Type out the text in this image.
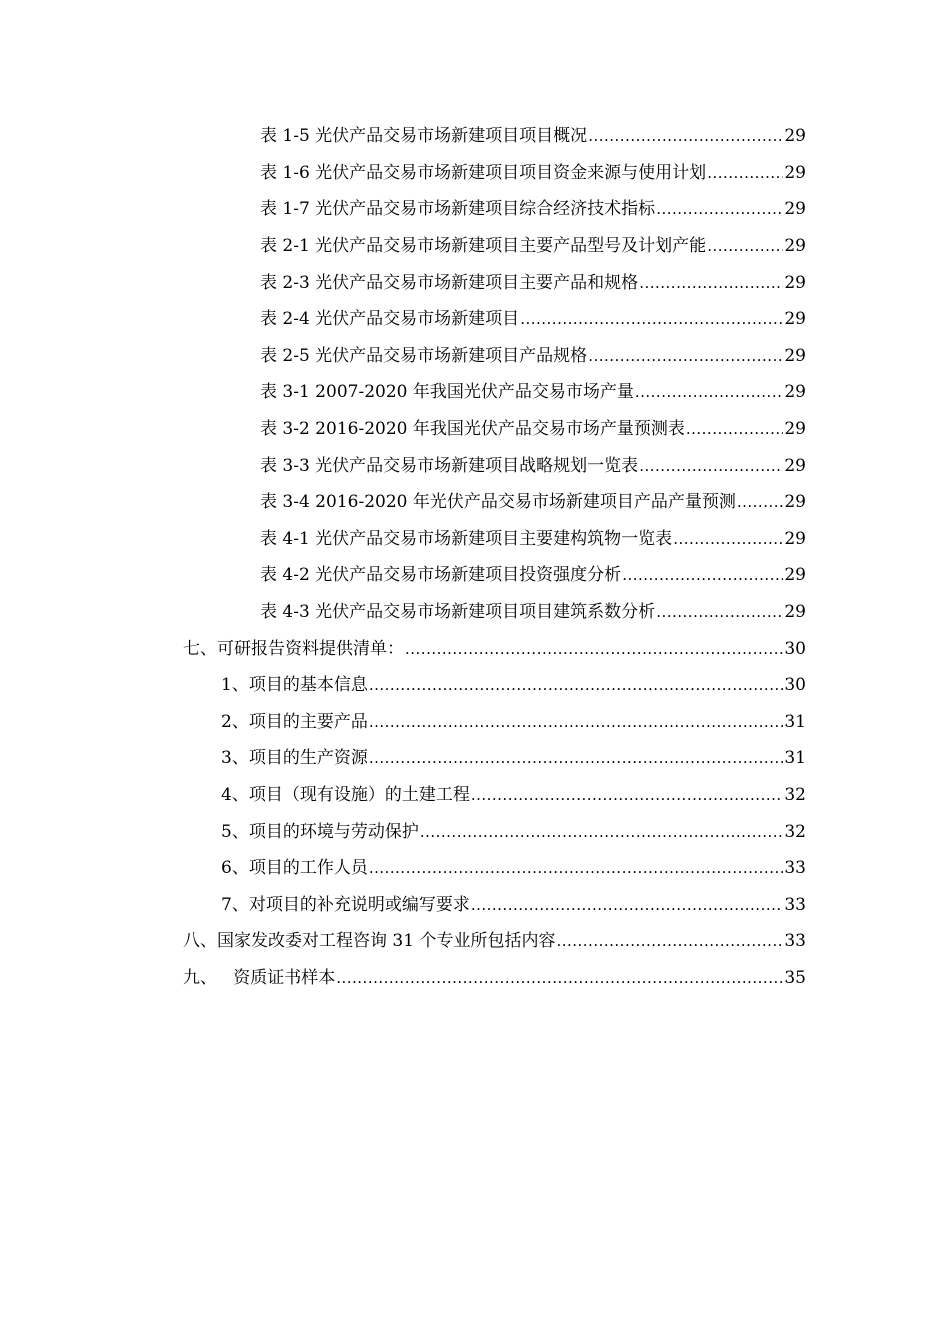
表 1-5 光伏产品交易市场新建项目项目概况 .....	29
表 1-6 光伏产品交易市场新建项目项目资金来源与使用计划 .....	29
表 1-7 光伏产品交易市场新建项目综合经济技术指标 .....	29
表 2-1 光伏产品交易市场新建项目主要产品型号及计划产能 .....	29
表 2-3 光伏产品交易市场新建项目主要产品和规格 .....	29
表 2-4 光伏产品交易市场新建项目 .....	29
表 2-5 光伏产品交易市场新建项目产品规格 .....	29
表 3-1 2007-2020 年我国光伏产品交易市场产量 .....	29
表 3-2 2016-2020 年我国光伏产品交易市场产量预测表 .....	29
表 3-3 光伏产品交易市场新建项目战略规划一览表 .....	29
表 3-4 2016-2020 年光伏产品交易市场新建项目产品产量预测 .....	29
表 4-1 光伏产品交易市场新建项目主要建构筑物一览表 .....	29
表 4-2 光伏产品交易市场新建项目投资强度分析 .....	29
表 4-3 光伏产品交易市场新建项目项目建筑系数分析 .....	29
七、可研报告资料提供清单： .....	30
1、项目的基本信息 .....	30
2、项目的主要产品 .....	31
3、项目的生产资源 .....	31
4、项目（现有设施）的土建工程 .....	32
5、项目的环境与劳动保护 .....	32
6、项目的工作人员 .....	33
7、对项目的补充说明或编写要求 .....	33
八、国家发改委对工程咨询 31 个专业所包括内容 .....	33
九、   资质证书样本 .....	35
